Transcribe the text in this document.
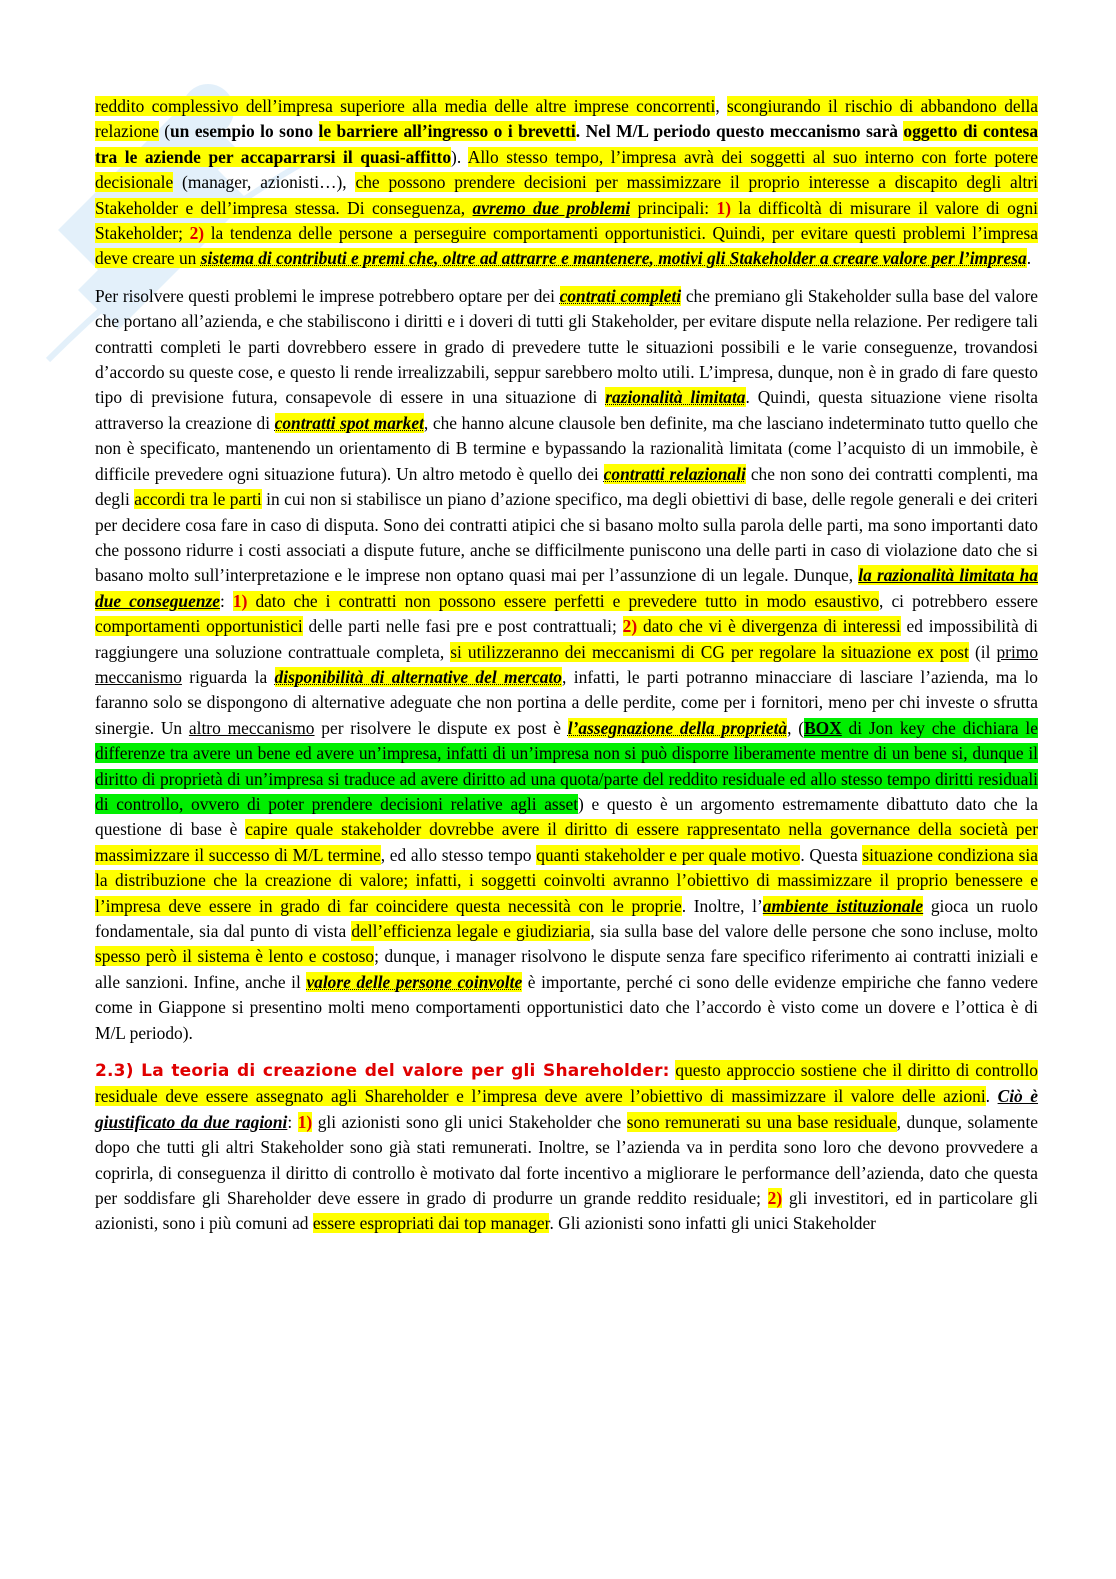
reddito complessivo dell’impresa superiore alla media delle altre imprese concorrenti, scongiurando il rischio di abbandono della relazione (un esempio lo sono le barriere all’ingresso o i brevetti. Nel M/L periodo questo meccanismo sarà oggetto di contesa tra le aziende per accaparrarsi il quasi-affitto). Allo stesso tempo, l’impresa avrà dei soggetti al suo interno con forte potere decisionale (manager, azionisti…), che possono prendere decisioni per massimizzare il proprio interesse a discapito degli altri Stakeholder e dell’impresa stessa. Di conseguenza, avremo due problemi principali: 1) la difficoltà di misurare il valore di ogni Stakeholder; 2) la tendenza delle persone a perseguire comportamenti opportunistici. Quindi, per evitare questi problemi l’impresa deve creare un sistema di contributi e premi che, oltre ad attrarre e mantenere, motivi gli Stakeholder a creare valore per l’impresa.

Per risolvere questi problemi le imprese potrebbero optare per dei contrati completi che premiano gli Stakeholder sulla base del valore che portano all’azienda, e che stabiliscono i diritti e i doveri di tutti gli Stakeholder, per evitare dispute nella relazione. Per redigere tali contratti completi le parti dovrebbero essere in grado di prevedere tutte le situazioni possibili e le varie conseguenze, trovandosi d’accordo su queste cose, e questo li rende irrealizzabili, seppur sarebbero molto utili. L’impresa, dunque, non è in grado di fare questo tipo di previsione futura, consapevole di essere in una situazione di razionalità limitata. Quindi, questa situazione viene risolta attraverso la creazione di contratti spot market, che hanno alcune clausole ben definite, ma che lasciano indeterminato tutto quello che non è specificato, mantenendo un orientamento di B termine e bypassando la razionalità limitata (come l’acquisto di un immobile, è difficile prevedere ogni situazione futura). Un altro metodo è quello dei contratti relazionali che non sono dei contratti complenti, ma degli accordi tra le parti in cui non si stabilisce un piano d’azione specifico, ma degli obiettivi di base, delle regole generali e dei criteri per decidere cosa fare in caso di disputa. Sono dei contratti atipici che si basano molto sulla parola delle parti, ma sono importanti dato che possono ridurre i costi associati a dispute future, anche se difficilmente puniscono una delle parti in caso di violazione dato che si basano molto sull’interpretazione e le imprese non optano quasi mai per l’assunzione di un legale. Dunque, la razionalità limitata ha due conseguenze: 1) dato che i contratti non possono essere perfetti e prevedere tutto in modo esaustivo, ci potrebbero essere comportamenti opportunistici delle parti nelle fasi pre e post contrattuali; 2) dato che vi è divergenza di interessi ed impossibilità di raggiungere una soluzione contrattuale completa, si utilizzeranno dei meccanismi di CG per regolare la situazione ex post (il primo meccanismo riguarda la disponibilità di alternative del mercato, infatti, le parti potranno minacciare di lasciare l’azienda, ma lo faranno solo se dispongono di alternative adeguate che non portina a delle perdite, come per i fornitori, meno per chi investe o sfrutta sinergie. Un altro meccanismo per risolvere le dispute ex post è l’assegnazione della proprietà, (BOX di Jon key che dichiara le differenze tra avere un bene ed avere un’impresa, infatti di un’impresa non si può disporre liberamente mentre di un bene si, dunque il diritto di proprietà di un’impresa si traduce ad avere diritto ad una quota/parte del reddito residuale ed allo stesso tempo diritti residuali di controllo, ovvero di poter prendere decisioni relative agli asset) e questo è un argomento estremamente dibattuto dato che la questione di base è capire quale stakeholder dovrebbe avere il diritto di essere rappresentato nella governance della società per massimizzare il successo di M/L termine, ed allo stesso tempo quanti stakeholder e per quale motivo. Questa situazione condiziona sia la distribuzione che la creazione di valore; infatti, i soggetti coinvolti avranno l’obiettivo di massimizzare il proprio benessere e l’impresa deve essere in grado di far coincidere questa necessità con le proprie. Inoltre, l’ambiente istituzionale gioca un ruolo fondamentale, sia dal punto di vista dell’efficienza legale e giudiziaria, sia sulla base del valore delle persone che sono incluse, molto spesso però il sistema è lento e costoso; dunque, i manager risolvono le dispute senza fare specifico riferimento ai contratti iniziali e alle sanzioni. Infine, anche il valore delle persone coinvolte è importante, perché ci sono delle evidenze empiriche che fanno vedere come in Giappone si presentino molti meno comportamenti opportunistici dato che l’accordo è visto come un dovere e l’ottica è di M/L periodo).

2.3) La teoria di creazione del valore per gli Shareholder: questo approccio sostiene che il diritto di controllo residuale deve essere assegnato agli Shareholder e l’impresa deve avere l’obiettivo di massimizzare il valore delle azioni. Ciò è giustificato da due ragioni: 1) gli azionisti sono gli unici Stakeholder che sono remunerati su una base residuale, dunque, solamente dopo che tutti gli altri Stakeholder sono già stati remunerati. Inoltre, se l’azienda va in perdita sono loro che devono provvedere a coprirla, di conseguenza il diritto di controllo è motivato dal forte incentivo a migliorare le performance dell’azienda, dato che questa per soddisfare gli Shareholder deve essere in grado di produrre un grande reddito residuale; 2) gli investitori, ed in particolare gli azionisti, sono i più comuni ad essere espropriati dai top manager. Gli azionisti sono infatti gli unici Stakeholder
